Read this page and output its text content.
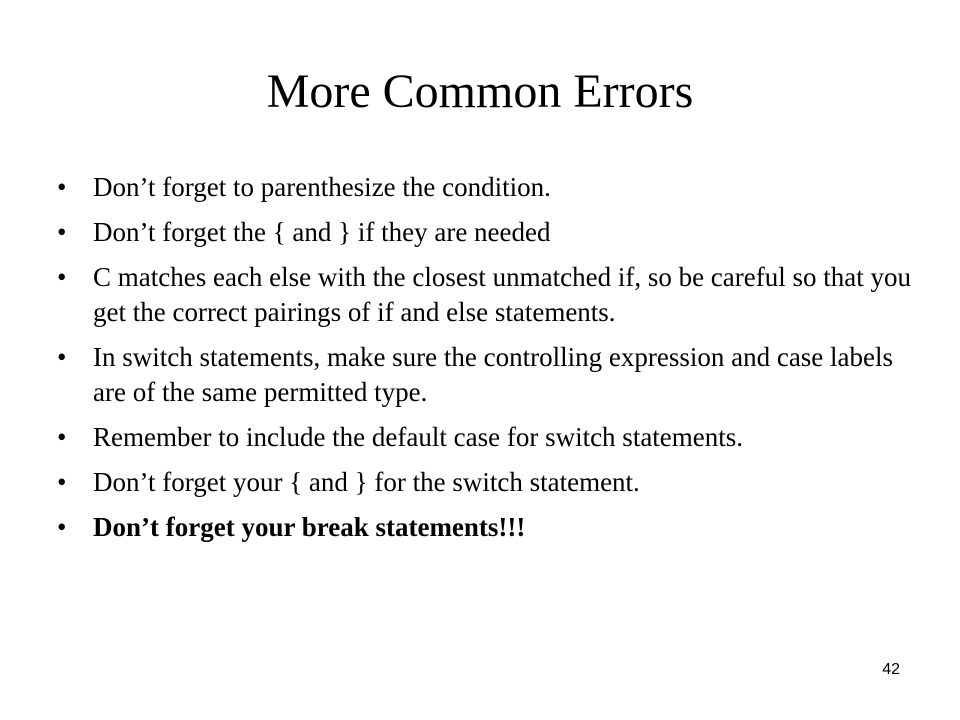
More Common Errors
• Don’t forget to parenthesize the condition.
• Don’t forget the { and } if they are needed
• C matches each else with the closest unmatched if, so be careful so that you get the correct pairings of if and else statements.
• In switch statements, make sure the controlling expression and case labels are of the same permitted type.
• Remember to include the default case for switch statements.
• Don’t forget your { and } for the switch statement.
• Don’t forget your break statements!!!
42
